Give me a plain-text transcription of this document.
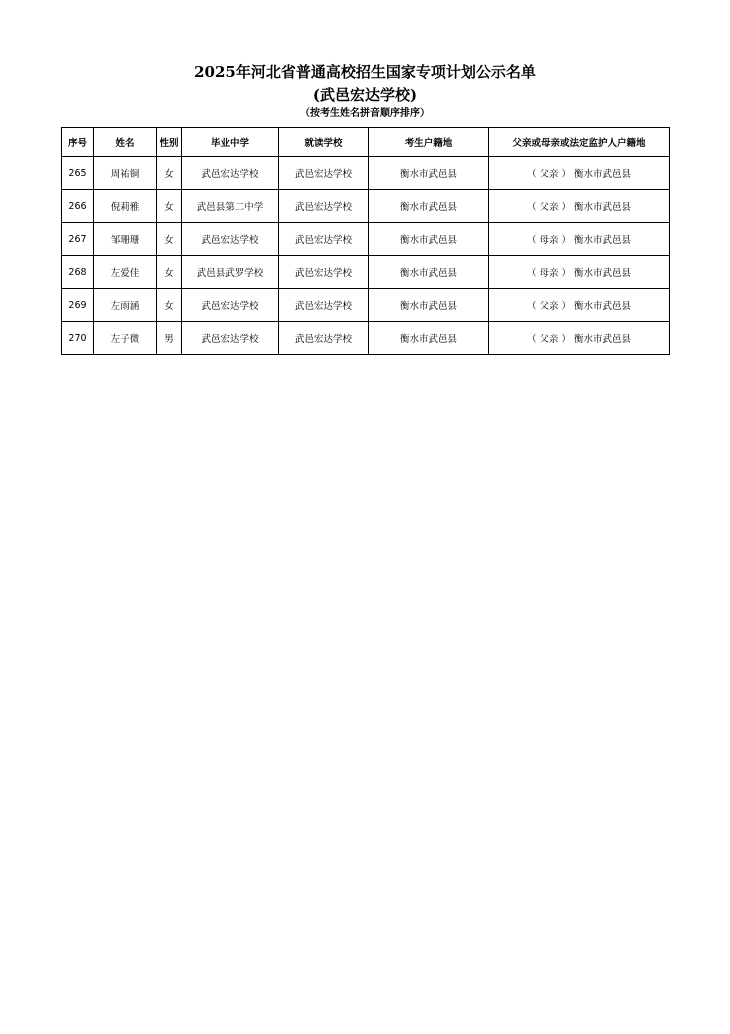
2025年河北省普通高校招生国家专项计划公示名单
(武邑宏达学校)
（按考生姓名拼音顺序排序）
序号	姓名	性别	毕业中学	就读学校	考生户籍地	父亲或母亲或法定监护人户籍地
265	周祐铜	女	武邑宏达学校	武邑宏达学校	衡水市武邑县	（ 父亲 ） 衡水市武邑县
266	倪莉雅	女	武邑县第二中学	武邑宏达学校	衡水市武邑县	（ 父亲 ） 衡水市武邑县
267	邹珊珊	女	武邑宏达学校	武邑宏达学校	衡水市武邑县	（ 母亲 ） 衡水市武邑县
268	左爱佳	女	武邑县武罗学校	武邑宏达学校	衡水市武邑县	（ 母亲 ） 衡水市武邑县
269	左雨涵	女	武邑宏达学校	武邑宏达学校	衡水市武邑县	（ 父亲 ） 衡水市武邑县
270	左子微	男	武邑宏达学校	武邑宏达学校	衡水市武邑县	（ 父亲 ） 衡水市武邑县
